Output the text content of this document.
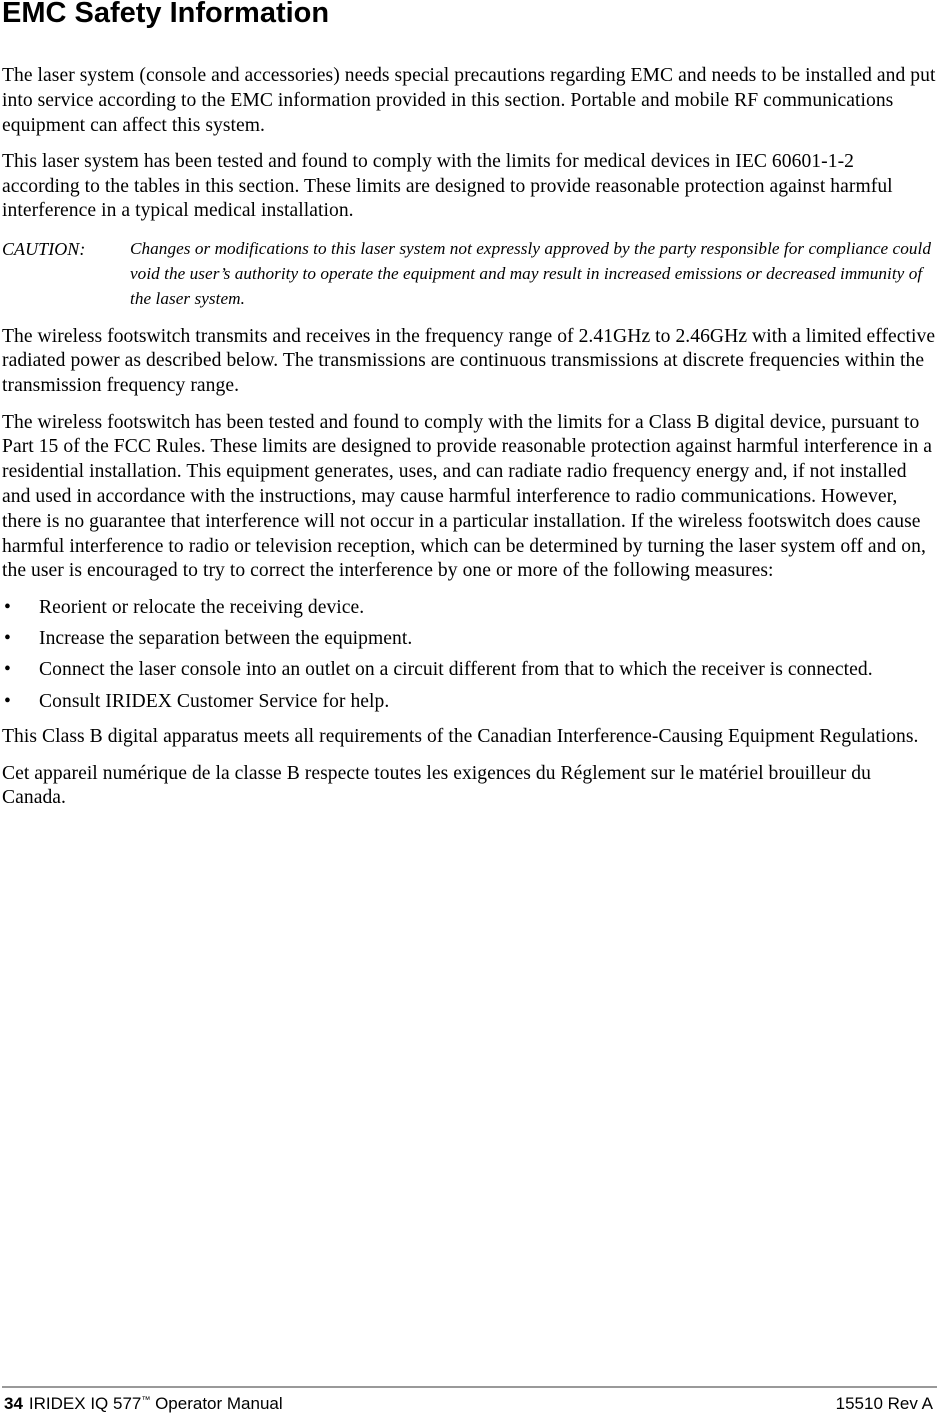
EMC Safety Information

The laser system (console and accessories) needs special precautions regarding EMC and needs to be installed and put into service according to the EMC information provided in this section. Portable and mobile RF communications equipment can affect this system.

This laser system has been tested and found to comply with the limits for medical devices in IEC 60601-1-2 according to the tables in this section. These limits are designed to provide reasonable protection against harmful interference in a typical medical installation.

CAUTION:	Changes or modifications to this laser system not expressly approved by the party responsible for compliance could void the user’s authority to operate the equipment and may result in increased emissions or decreased immunity of the laser system.

The wireless footswitch transmits and receives in the frequency range of 2.41GHz to 2.46GHz with a limited effective radiated power as described below. The transmissions are continuous transmissions at discrete frequencies within the transmission frequency range.

The wireless footswitch has been tested and found to comply with the limits for a Class B digital device, pursuant to Part 15 of the FCC Rules. These limits are designed to provide reasonable protection against harmful interference in a residential installation. This equipment generates, uses, and can radiate radio frequency energy and, if not installed and used in accordance with the instructions, may cause harmful interference to radio communications. However, there is no guarantee that interference will not occur in a particular installation. If the wireless footswitch does cause harmful interference to radio or television reception, which can be determined by turning the laser system off and on, the user is encouraged to try to correct the interference by one or more of the following measures:

•	Reorient or relocate the receiving device.
•	Increase the separation between the equipment.
•	Connect the laser console into an outlet on a circuit different from that to which the receiver is connected.
•	Consult IRIDEX Customer Service for help.

This Class B digital apparatus meets all requirements of the Canadian Interference-Causing Equipment Regulations.

Cet appareil numérique de la classe B respecte toutes les exigences du Réglement sur le matériel brouilleur du Canada.

34 IRIDEX IQ 577™ Operator Manual	15510 Rev A
